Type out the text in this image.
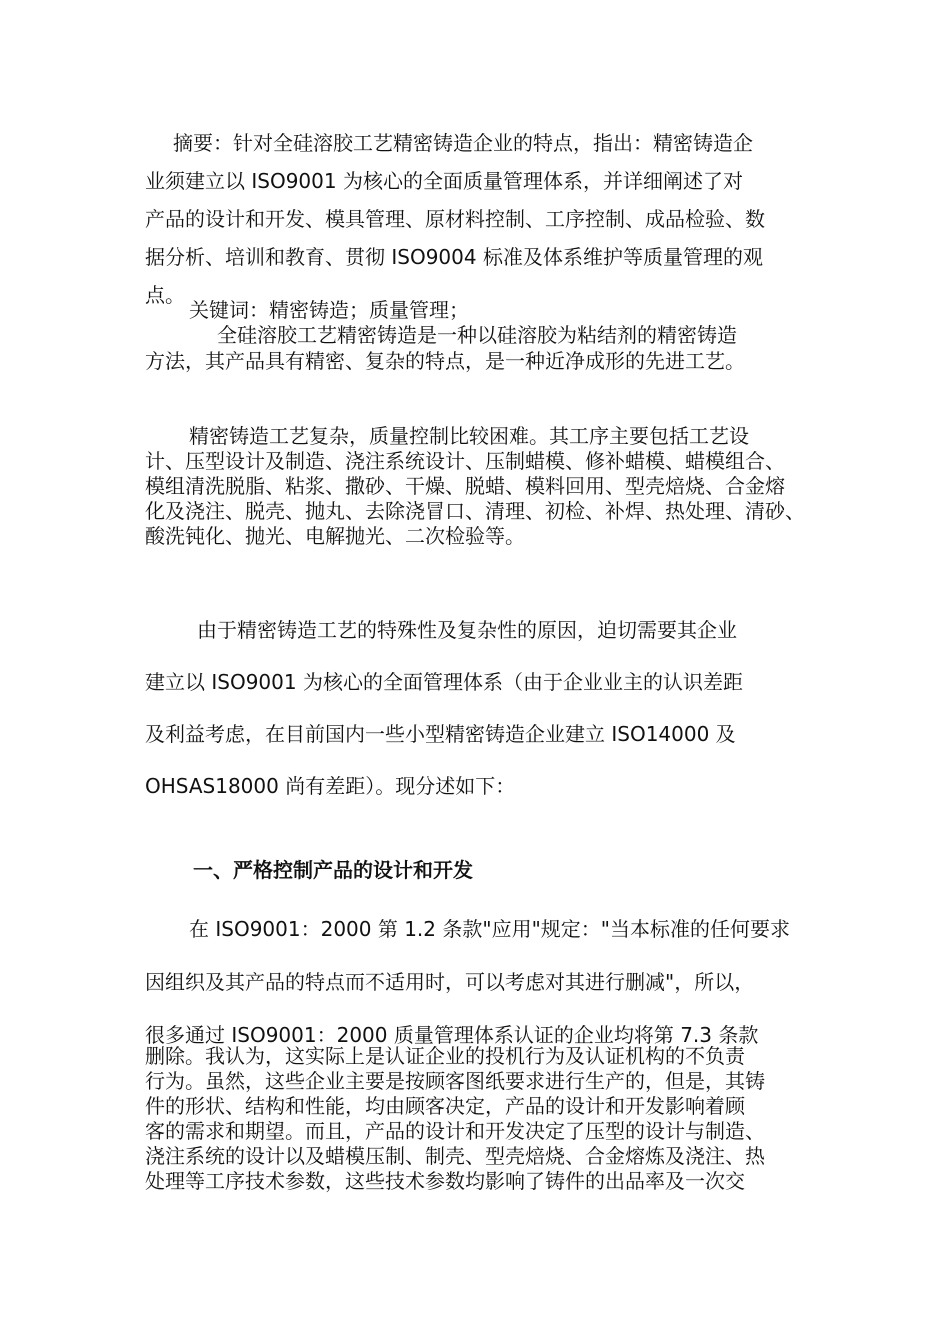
摘要：针对全硅溶胶工艺精密铸造企业的特点，指出：精密铸造企
业须建立以 ISO9001 为核心的全面质量管理体系，并详细阐述了对
产品的设计和开发、模具管理、原材料控制、工序控制、成品检验、数
据分析、培训和教育、贯彻 ISO9004 标准及体系维护等质量管理的观
点。
关键词：精密铸造；质量管理；
全硅溶胶工艺精密铸造是一种以硅溶胶为粘结剂的精密铸造
方法，其产品具有精密、复杂的特点，是一种近净成形的先进工艺。
精密铸造工艺复杂，质量控制比较困难。其工序主要包括工艺设
计、压型设计及制造、浇注系统设计、压制蜡模、修补蜡模、蜡模组合、
模组清洗脱脂、粘浆、撒砂、干燥、脱蜡、模料回用、型壳焙烧、合金熔
化及浇注、脱壳、抛丸、去除浇冒口、清理、初检、补焊、热处理、清砂、
酸洗钝化、抛光、电解抛光、二次检验等。
由于精密铸造工艺的特殊性及复杂性的原因，迫切需要其企业
建立以 ISO9001 为核心的全面管理体系（由于企业业主的认识差距
及利益考虑，在目前国内一些小型精密铸造企业建立 ISO14000 及
OHSAS18000 尚有差距）。现分述如下：
一、严格控制产品的设计和开发
在 ISO9001：2000 第 1.2 条款"应用"规定："当本标准的任何要求
因组织及其产品的特点而不适用时，可以考虑对其进行删减"，所以，
很多通过 ISO9001：2000 质量管理体系认证的企业均将第 7.3 条款
删除。我认为，这实际上是认证企业的投机行为及认证机构的不负责
行为。虽然，这些企业主要是按顾客图纸要求进行生产的，但是，其铸
件的形状、结构和性能，均由顾客决定，产品的设计和开发影响着顾
客的需求和期望。而且，产品的设计和开发决定了压型的设计与制造、
浇注系统的设计以及蜡模压制、制壳、型壳焙烧、合金熔炼及浇注、热
处理等工序技术参数，这些技术参数均影响了铸件的出品率及一次交
